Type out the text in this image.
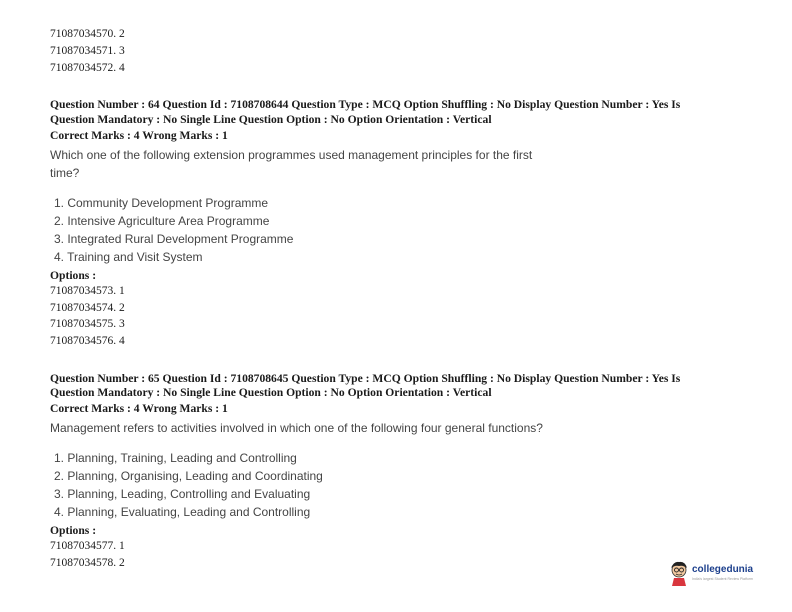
71087034570. 2
71087034571. 3
71087034572. 4
Question Number : 64 Question Id : 7108708644 Question Type : MCQ Option Shuffling : No Display Question Number : Yes Is
Question Mandatory : No Single Line Question Option : No Option Orientation : Vertical
Correct Marks : 4 Wrong Marks : 1
Which one of the following extension programmes used management principles for the first
time?
1. Community Development Programme
2. Intensive Agriculture Area Programme
3. Integrated Rural Development Programme
4. Training and Visit System
Options :
71087034573. 1
71087034574. 2
71087034575. 3
71087034576. 4
Question Number : 65 Question Id : 7108708645 Question Type : MCQ Option Shuffling : No Display Question Number : Yes Is
Question Mandatory : No Single Line Question Option : No Option Orientation : Vertical
Correct Marks : 4 Wrong Marks : 1
Management refers to activities involved in which one of the following four general functions?
1. Planning, Training, Leading and Controlling
2. Planning, Organising, Leading and Coordinating
3. Planning, Leading, Controlling and Evaluating
4. Planning, Evaluating, Leading and Controlling
Options :
71087034577. 1
71087034578. 2
collegedunia
India's largest Student Review Platform
